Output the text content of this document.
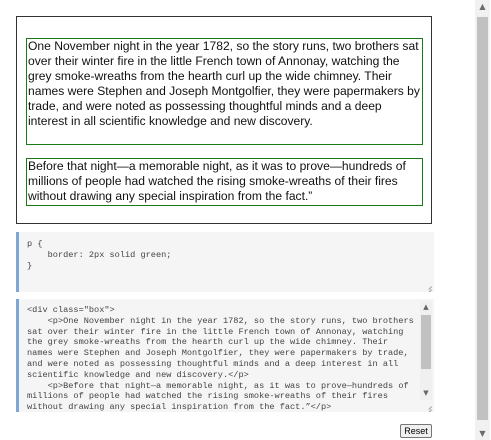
One November night in the year 1782, so the story runs, two brothers sat over their winter fire in the little French town of Annonay, watching the grey smoke-wreaths from the hearth curl up the wide chimney. Their names were Stephen and Joseph Montgolfier, they were papermakers by trade, and were noted as possessing thoughtful minds and a deep interest in all scientific knowledge and new discovery.

Before that night—a memorable night, as it was to prove—hundreds of millions of people had watched the rising smoke-wreaths of their fires without drawing any special inspiration from the fact.”

p {
border: 2px solid green;
}
<div class="box">
<p>One November night in the year 1782, so the story runs, two brothers sat over their winter fire in the little French town of Annonay, watching the grey smoke-wreaths from the hearth curl up the wide chimney. Their names were Stephen and Joseph Montgolfier, they were papermakers by trade, and were noted as possessing thoughtful minds and a deep interest in all scientific knowledge and new discovery.</p>
<p>Before that night—a memorable night, as it was to prove—hundreds of millions of people had watched the rising smoke-wreaths of their fires without drawing any special inspiration from the fact.”</p>
▲
▼
Reset
▲
▼
